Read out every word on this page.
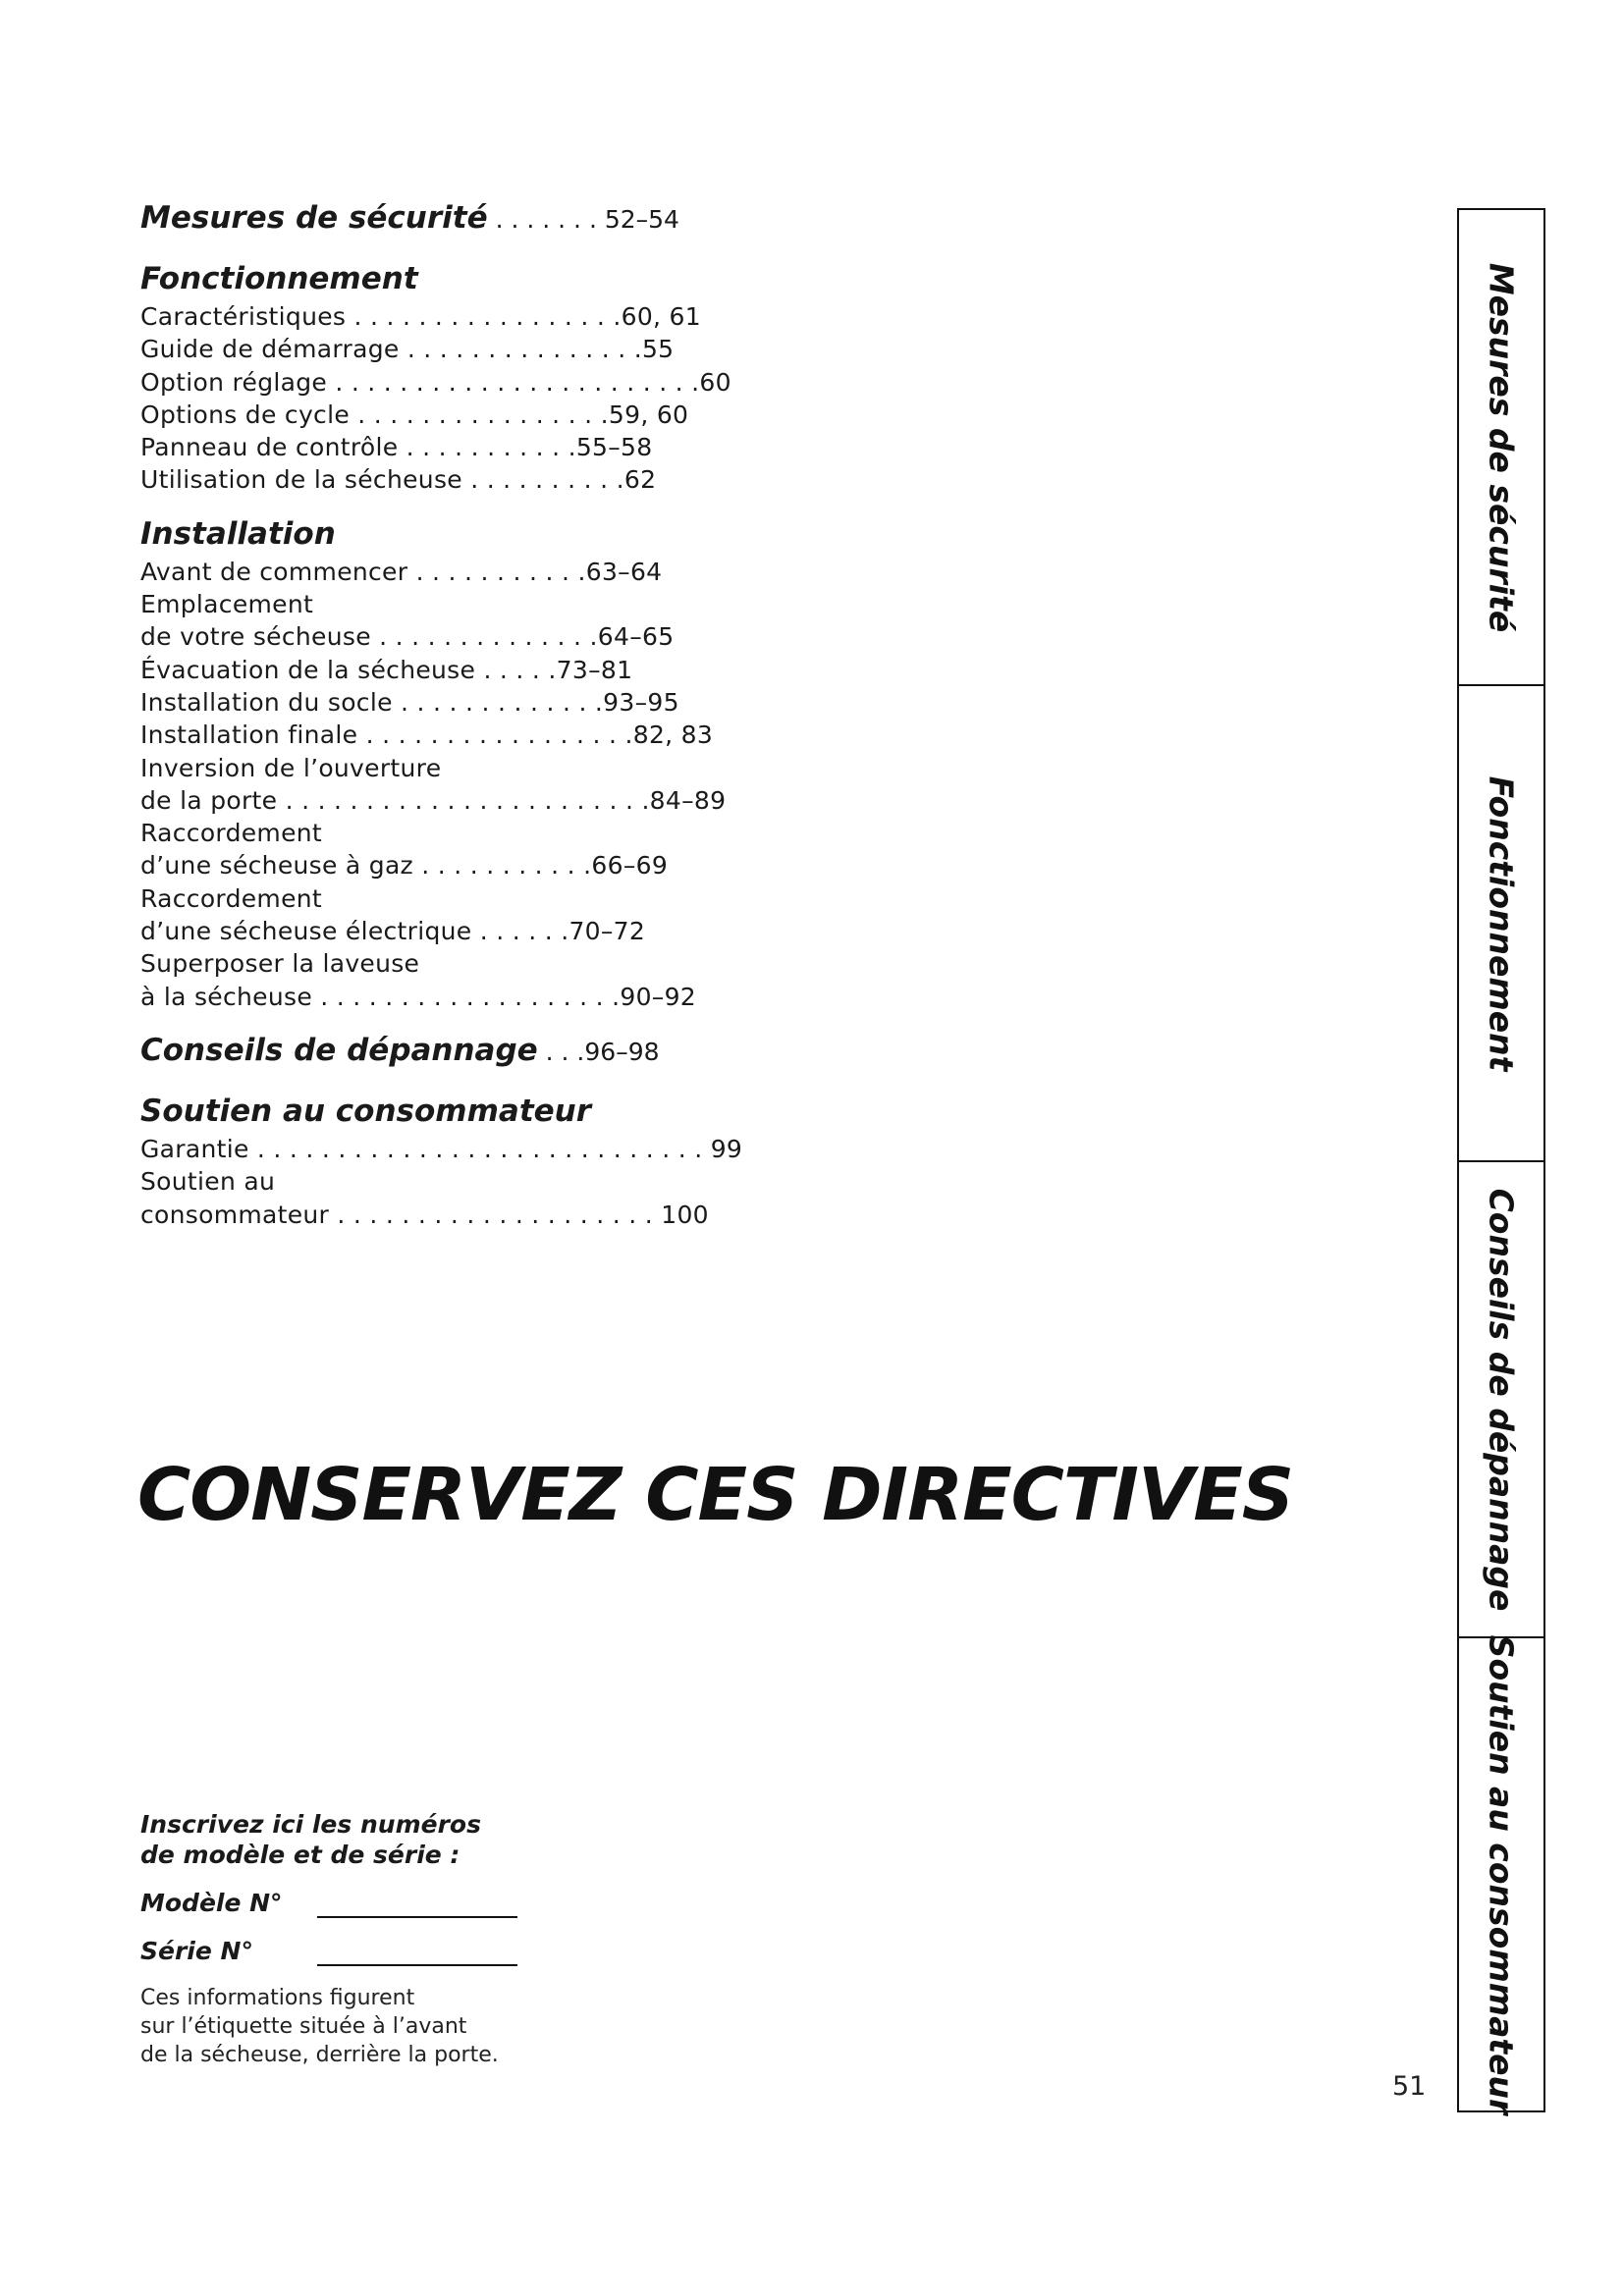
Mesures de sécurité . . . . . . . 52–54

Fonctionnement

Caractéristiques . . . . . . . . . . . . . . . . .60, 61
Guide de démarrage . . . . . . . . . . . . . . .55
Option réglage . . . . . . . . . . . . . . . . . . . . . . .60
Options de cycle . . . . . . . . . . . . . . . .59, 60
Panneau de contrôle . . . . . . . . . . .55–58
Utilisation de la sécheuse . . . . . . . . . .62

Installation

Avant de commencer . . . . . . . . . . .63–64
Emplacement
de votre sécheuse . . . . . . . . . . . . . .64–65
Évacuation de la sécheuse . . . . .73–81
Installation du socle . . . . . . . . . . . . .93–95
Installation finale . . . . . . . . . . . . . . . . .82, 83
Inversion de l’ouverture
de la porte . . . . . . . . . . . . . . . . . . . . . . .84–89
Raccordement
d’une sécheuse à gaz . . . . . . . . . . .66–69
Raccordement
d’une sécheuse électrique . . . . . .70–72
Superposer la laveuse
à la sécheuse . . . . . . . . . . . . . . . . . . .90–92

Conseils de dépannage . . .96–98

Soutien au consommateur

Garantie . . . . . . . . . . . . . . . . . . . . . . . . . . . . 99
Soutien au
consommateur . . . . . . . . . . . . . . . . . . . . 100
CONSERVEZ CES DIRECTIVES
Inscrivez ici les numéros
de modèle et de série :
Modèle N°
Série N°
Ces informations figurent
sur l’étiquette située à l’avant
de la sécheuse, derrière la porte.
51
Mesures de sécurité
Fonctionnement
Conseils de dépannage
Soutien au consommateur
